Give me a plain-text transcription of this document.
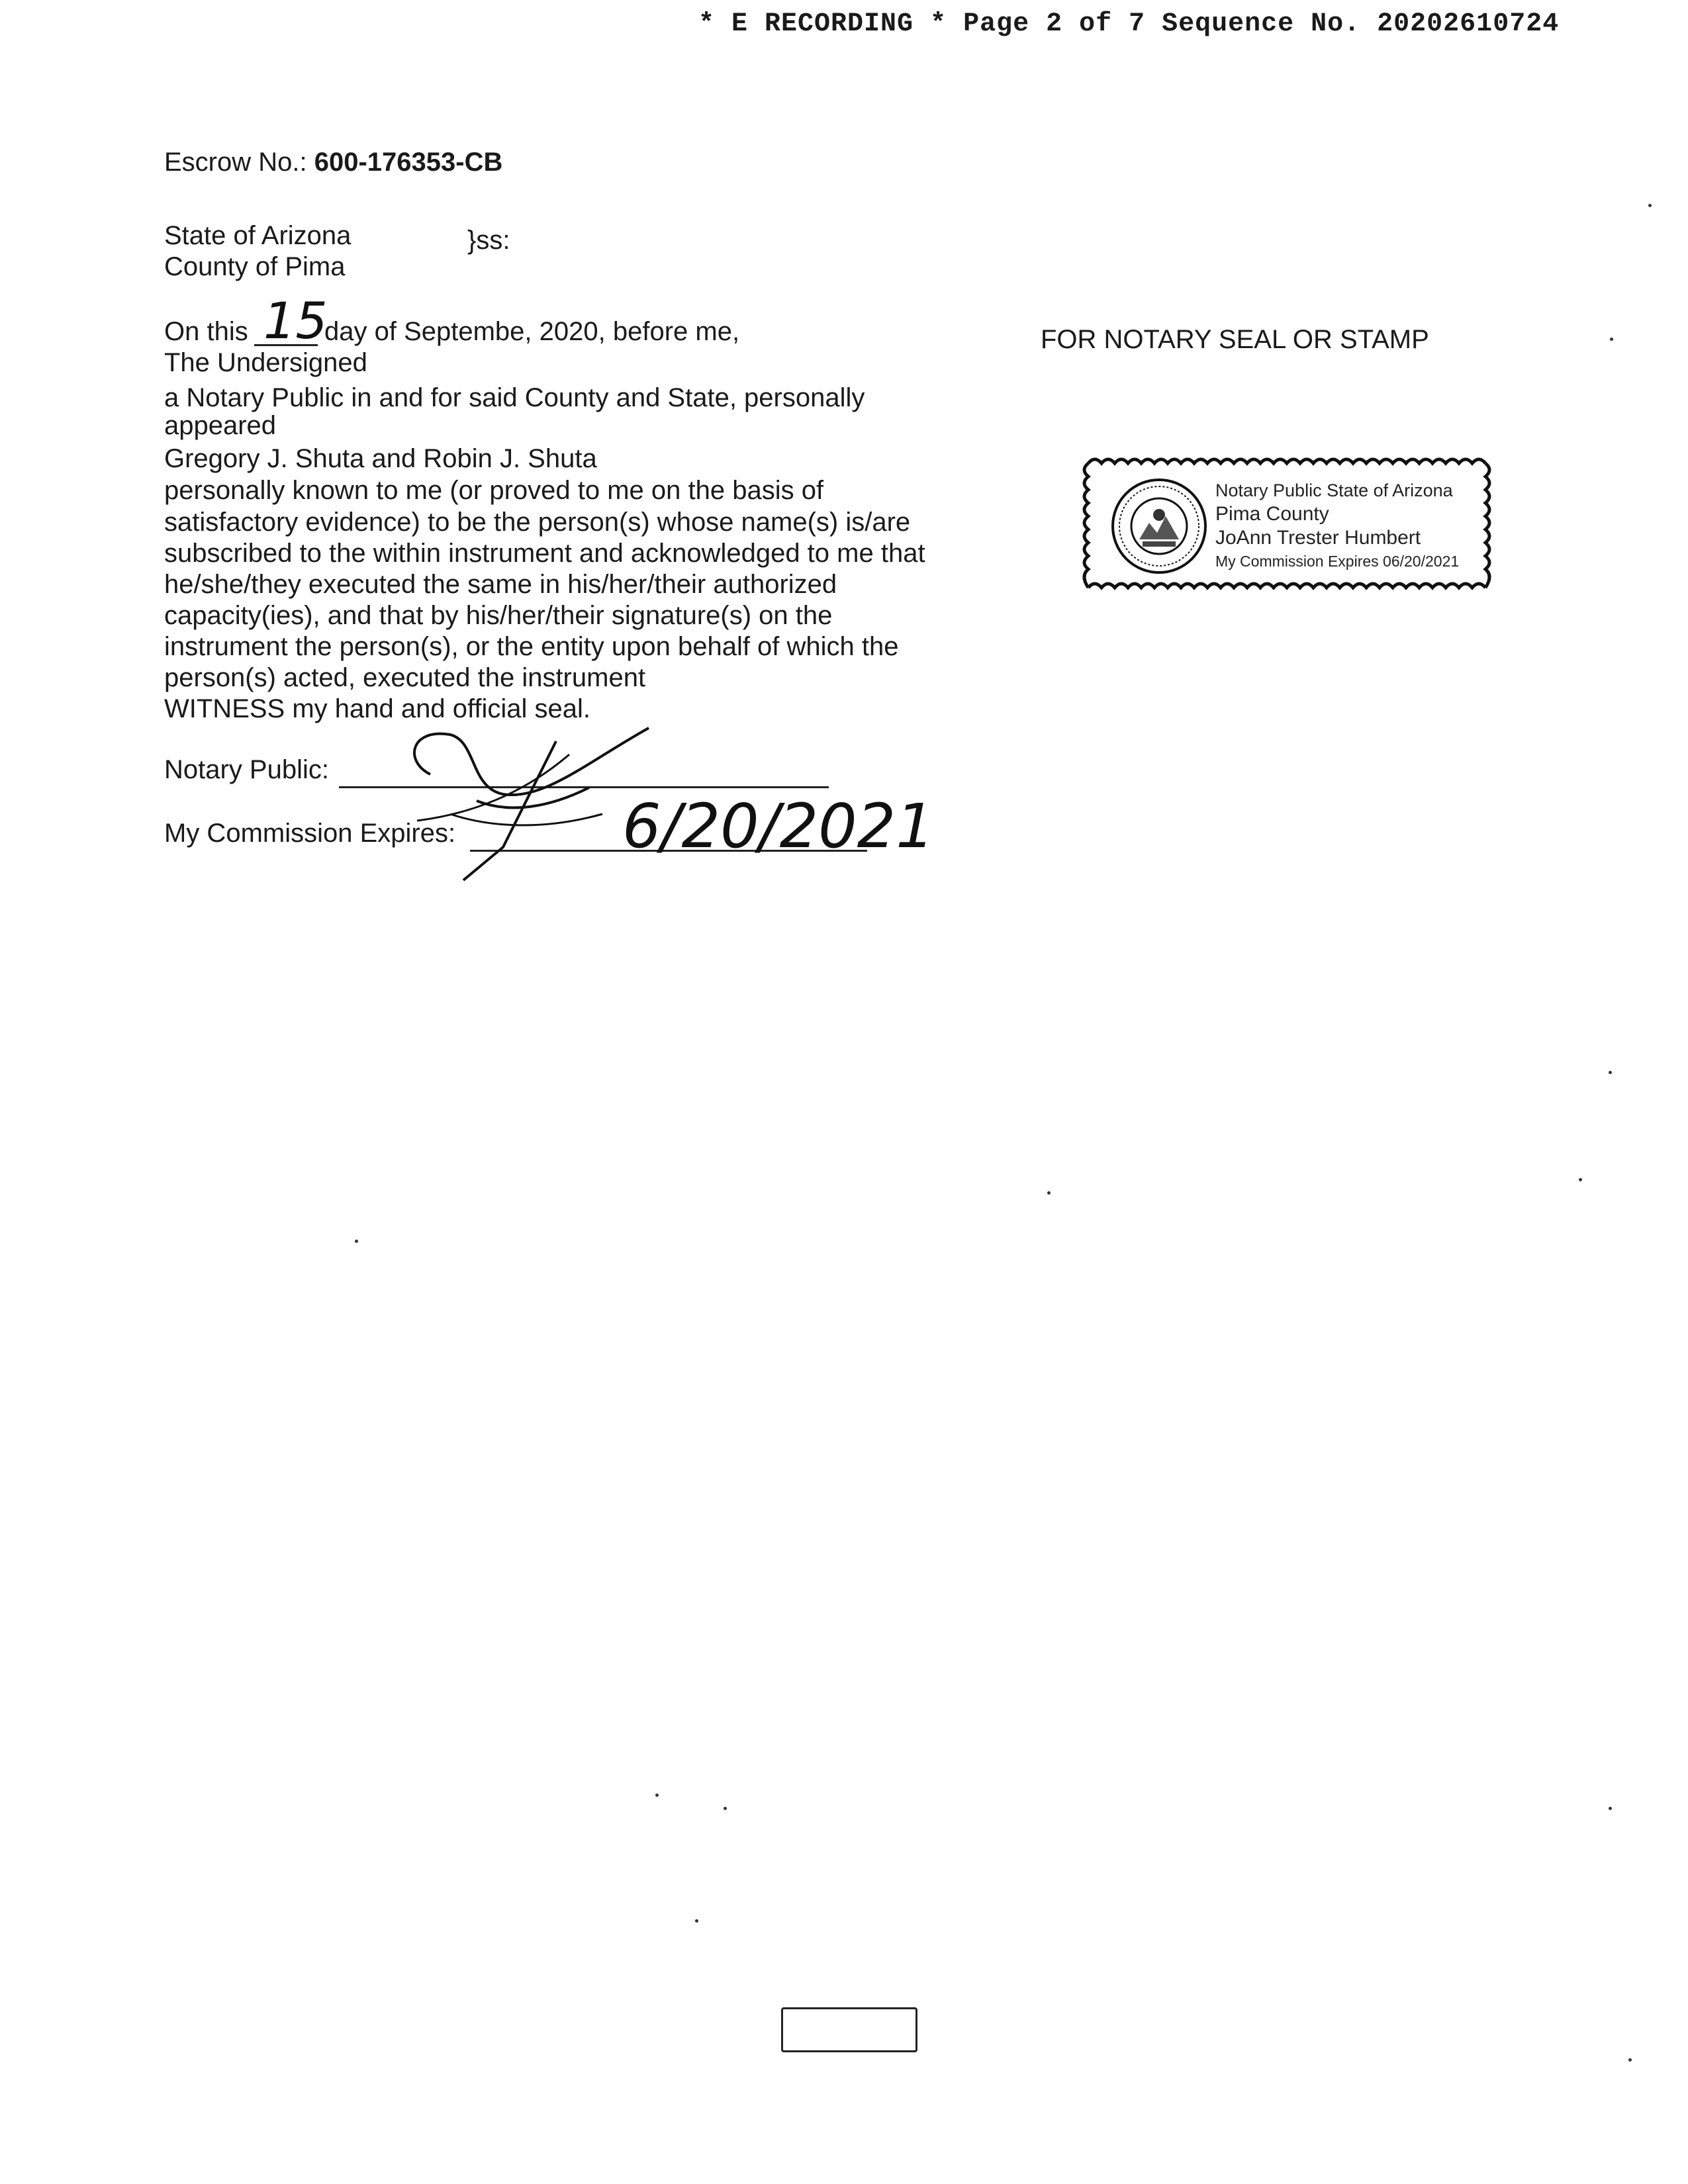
* E RECORDING * Page 2 of 7 Sequence No. 20202610724
Escrow No.: 600-176353-CB
State of Arizona	}ss:
County of Pima
On this 15
day of Septembe, 2020, before me,
The Undersigned
a Notary Public in and for said County and State, personally
appeared
Gregory J. Shuta and Robin J. Shuta
personally known to me (or proved to me on the basis of
satisfactory evidence) to be the person(s) whose name(s) is/are
subscribed to the within instrument and acknowledged to me that
he/she/they executed the same in his/her/their authorized
capacity(ies), and that by his/her/their signature(s) on the
instrument the person(s), or the entity upon behalf of which the
person(s) acted, executed the instrument
WITNESS my hand and official seal.
Notary Public:
My Commission Expires:	6/20/2021
FOR NOTARY SEAL OR STAMP
Notary Public State of Arizona
Pima County
JoAnn Trester Humbert
My Commission Expires 06/20/2021
